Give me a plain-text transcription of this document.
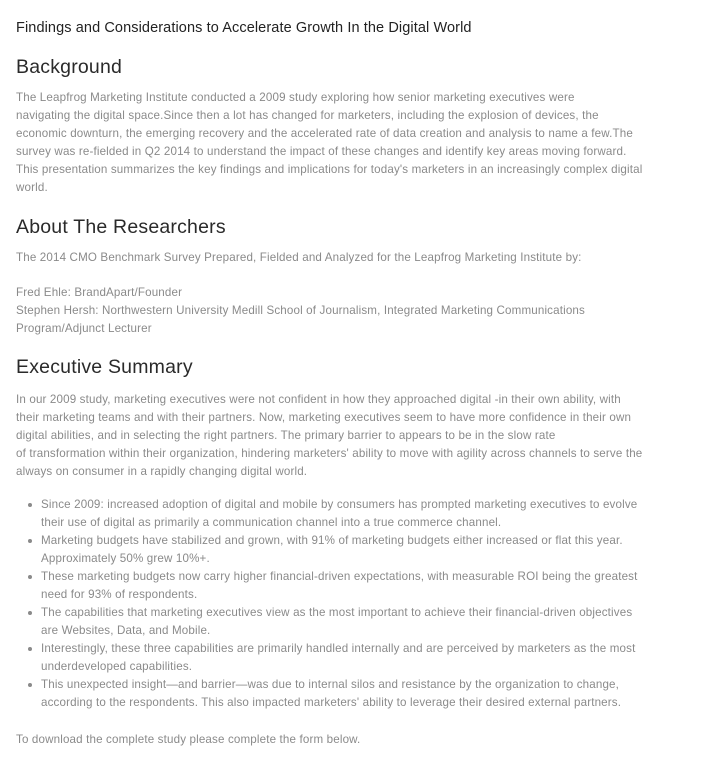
Findings and Considerations to Accelerate Growth In the Digital World
Background

The Leapfrog Marketing Institute conducted a 2009 study exploring how senior marketing executives were
navigating the digital space.Since then a lot has changed for marketers, including the explosion of devices, the
economic downturn, the emerging recovery and the accelerated rate of data creation and analysis to name a few.The
survey was re-fielded in Q2 2014 to understand the impact of these changes and identify key areas moving forward.
This presentation summarizes the key findings and implications for today's marketers in an increasingly complex digital
world.

About The Researchers

The 2014 CMO Benchmark Survey Prepared, Fielded and Analyzed for the Leapfrog Marketing Institute by:

Fred Ehle: BrandApart/Founder
Stephen Hersh: Northwestern University Medill School of Journalism, Integrated Marketing Communications
Program/Adjunct Lecturer

Executive Summary

In our 2009 study, marketing executives were not confident in how they approached digital -in their own ability, with
their marketing teams and with their partners. Now, marketing executives seem to have more confidence in their own
digital abilities, and in selecting the right partners. The primary barrier to appears to be in the slow rate
of transformation within their organization, hindering marketers' ability to move with agility across channels to serve the
always on consumer in a rapidly changing digital world.

Since 2009: increased adoption of digital and mobile by consumers has prompted marketing executives to evolve
their use of digital as primarily a communication channel into a true commerce channel.
Marketing budgets have stabilized and grown, with 91% of marketing budgets either increased or flat this year.
Approximately 50% grew 10%+.
These marketing budgets now carry higher financial-driven expectations, with measurable ROI being the greatest
need for 93% of respondents.
The capabilities that marketing executives view as the most important to achieve their financial-driven objectives
are Websites, Data, and Mobile.
Interestingly, these three capabilities are primarily handled internally and are perceived by marketers as the most
underdeveloped capabilities.
This unexpected insight—and barrier—was due to internal silos and resistance by the organization to change,
according to the respondents. This also impacted marketers' ability to leverage their desired external partners.

To download the complete study please complete the form below.
